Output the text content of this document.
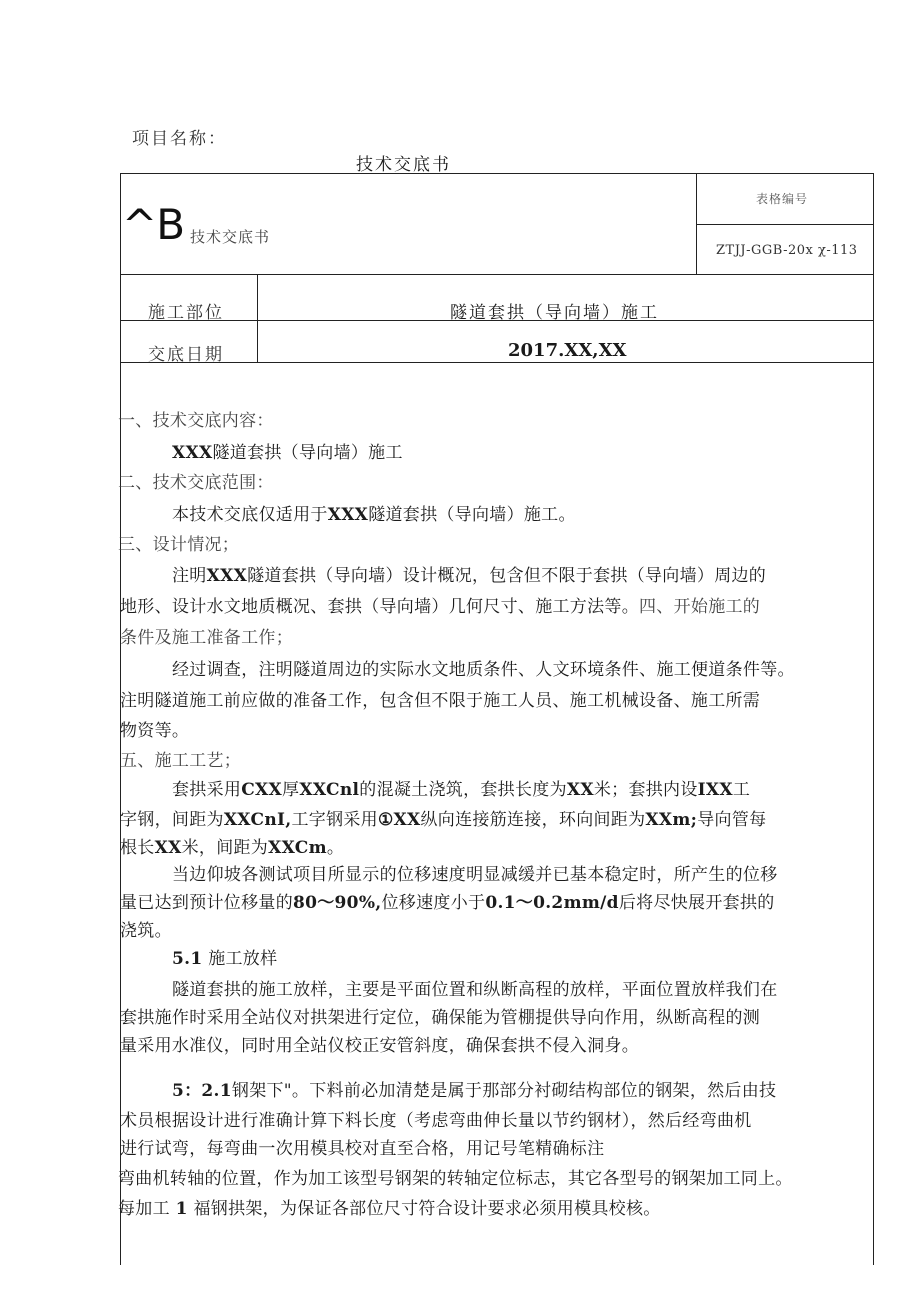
项目名称：
技术交底书
^B 技术交底书
表格编号
ZTJJ-GGB-20x χ-113
施工部位	隧道套拱（导向墙）施工
交底日期	2017.XX,XX
一、技术交底内容：
XXX隧道套拱（导向墙）施工
二、技术交底范围：
本技术交底仅适用于XXX隧道套拱（导向墙）施工。
三、设计情况；
注明XXX隧道套拱（导向墙）设计概况，包含但不限于套拱（导向墙）周边的
地形、设计水文地质概况、套拱（导向墙）几何尺寸、施工方法等。四、开始施工的
条件及施工准备工作；
经过调查，注明隧道周边的实际水文地质条件、人文环境条件、施工便道条件等。
注明隧道施工前应做的准备工作，包含但不限于施工人员、施工机械设备、施工所需
物资等。
五、施工工艺；
套拱采用CXX厚XXCnl的混凝土浇筑，套拱长度为XX米；套拱内设IXX工
字钢，间距为XXCnI,工字钢采用①XX纵向连接筋连接，环向间距为XXm;导向管每
根长XX米，间距为XXCm。
当边仰坡各测试项目所显示的位移速度明显减缓并已基本稳定时，所产生的位移
量已达到预计位移量的80～90%,位移速度小于0.1～0.2mm/d后将尽快展开套拱的
浇筑。
5.1 施工放样
隧道套拱的施工放样，主要是平面位置和纵断高程的放样，平面位置放样我们在
套拱施作时采用全站仪对拱架进行定位，确保能为管棚提供导向作用，纵断高程的测
量采用水准仪，同时用全站仪校正安管斜度，确保套拱不侵入洞身。
5：2.1钢架下"。下料前必加清楚是属于那部分衬砌结构部位的钢架，然后由技
术员根据设计进行准确计算下料长度（考虑弯曲伸长量以节约钢材），然后经弯曲机
进行试弯，每弯曲一次用模具校对直至合格，用记号笔精确标注
弯曲机转轴的位置，作为加工该型号钢架的转轴定位标志，其它各型号的钢架加工同上。
每加工 1 福钢拱架，为保证各部位尺寸符合设计要求必须用模具校核。
